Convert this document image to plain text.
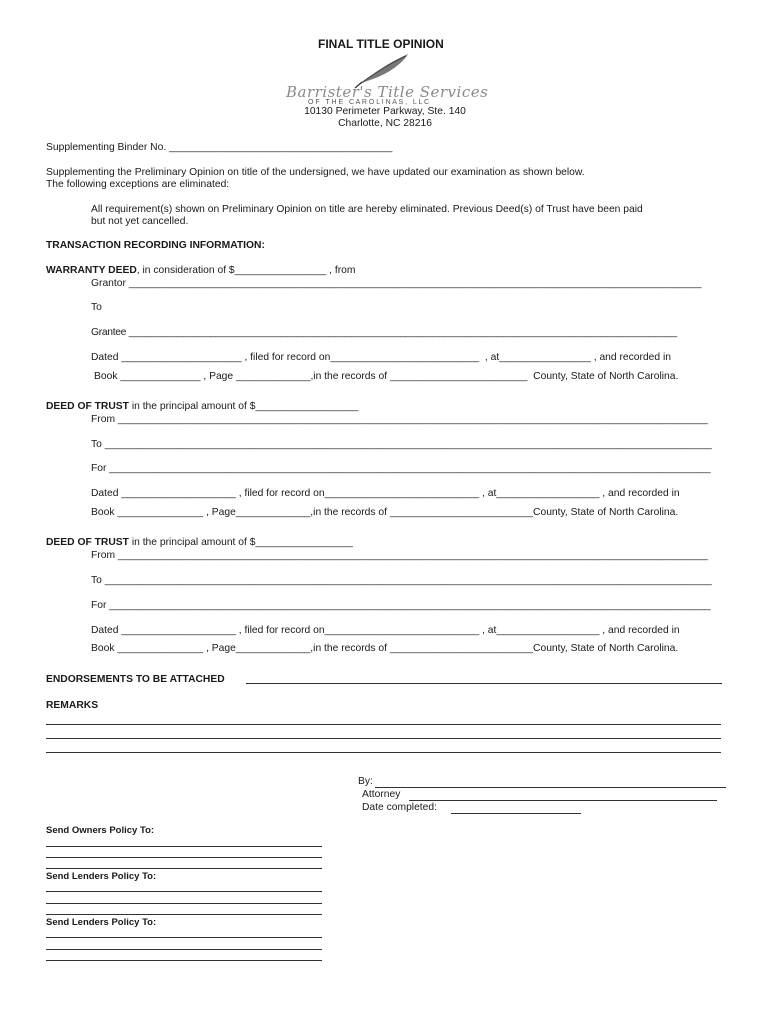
FINAL TITLE OPINION
Barrister's Title Services
O F   T H E   C A R O L I N A S ,   L L C
10130 Perimeter Parkway, Ste. 140
Charlotte, NC 28216
Supplementing Binder No. _______________________________________
Supplementing the Preliminary Opinion on title of the undersigned, we have updated our examination as shown below.
The following exceptions are eliminated:
All requirement(s) shown on Preliminary Opinion on title are hereby eliminated. Previous Deed(s) of Trust have been paid
but not yet cancelled.
TRANSACTION RECORDING INFORMATION:
WARRANTY DEED, in consideration of $________________ , from
Grantor ____________________________________________________________________________________________________
To
Grantee _____________________________________________________________________________________________________
Dated _____________________ , filed for record on__________________________  , at________________ , and recorded in
Book ______________ , Page _____________,in the records of ________________________  County, State of North Carolina.
DEED OF TRUST in the principal amount of $__________________
From _______________________________________________________________________________________________________
To __________________________________________________________________________________________________________
For _________________________________________________________________________________________________________
Dated ____________________ , filed for record on___________________________ , at__________________ , and recorded in
Book _______________ , Page_____________,in the records of _________________________County, State of North Carolina.
DEED OF TRUST in the principal amount of $_________________
From _______________________________________________________________________________________________________
To __________________________________________________________________________________________________________
For _________________________________________________________________________________________________________
Dated ____________________ , filed for record on___________________________ , at__________________ , and recorded in
Book _______________ , Page_____________,in the records of _________________________County, State of North Carolina.
ENDORSEMENTS TO BE ATTACHED
REMARKS
By:
Attorney
Date completed:
Send Owners Policy To:
Send Lenders Policy To:
Send Lenders Policy To:
